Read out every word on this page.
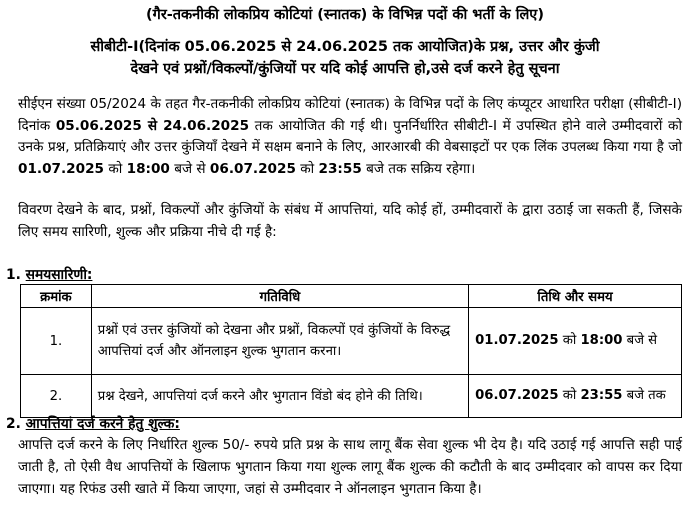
(गैर-तकनीकी लोकप्रिय कोटियां (स्नातक) के विभिन्न पदों की भर्ती के लिए)
सीबीटी-I(दिनांक 05.06.2025 से 24.06.2025 तक आयोजित)के प्रश्न, उत्तर और कुंजी
देखने एवं प्रश्नों/विकल्पों/कुंजियों पर यदि कोई आपत्ति हो,उसे दर्ज करने हेतु सूचना
सीईएन संख्या 05/2024 के तहत गैर-तकनीकी लोकप्रिय कोटियां (स्नातक) के विभिन्न पदों के लिए कंप्यूटर आधारित परीक्षा (सीबीटी-I) दिनांक 05.06.2025 से 24.06.2025 तक आयोजित की गई थी। पुनर्निर्धारित सीबीटी-I में उपस्थित होने वाले उम्मीदवारों को उनके प्रश्न, प्रतिक्रियाएं और उत्तर कुंजियाँ देखने में सक्षम बनाने के लिए, आरआरबी की वेबसाइटों पर एक लिंक उपलब्ध किया गया है जो 01.07.2025 को 18:00 बजे से 06.07.2025 को 23:55 बजे तक सक्रिय रहेगा।
विवरण देखने के बाद, प्रश्नों, विकल्पों और कुंजियों के संबंध में आपत्तियां, यदि कोई हों, उम्मीदवारों के द्वारा उठाई जा सकती हैं, जिसके लिए समय सारिणी, शुल्क और प्रक्रिया नीचे दी गई है:
1. समयसारिणी:
क्रमांक	गतिविधि	तिथि और समय
1.	प्रश्नों एवं उत्तर कुंजियों को देखना और प्रश्नों, विकल्पों एवं कुंजियों के विरुद्ध आपत्तियां दर्ज और ऑनलाइन शुल्क भुगतान करना।	01.07.2025 को 18:00 बजे से
2.	प्रश्न देखने, आपत्तियां दर्ज करने और भुगतान विंडो बंद होने की तिथि।	06.07.2025 को 23:55 बजे तक
2. आपत्तियां दर्ज करने हेतु शुल्क:
आपत्ति दर्ज करने के लिए निर्धारित शुल्क 50/- रुपये प्रति प्रश्न के साथ लागू बैंक सेवा शुल्क भी देय है। यदि उठाई गई आपत्ति सही पाई जाती है, तो ऐसी वैध आपत्तियों के खिलाफ भुगतान किया गया शुल्क लागू बैंक शुल्क की कटौती के बाद उम्मीदवार को वापस कर दिया जाएगा। यह रिफंड उसी खाते में किया जाएगा, जहां से उम्मीदवार ने ऑनलाइन भुगतान किया है।
